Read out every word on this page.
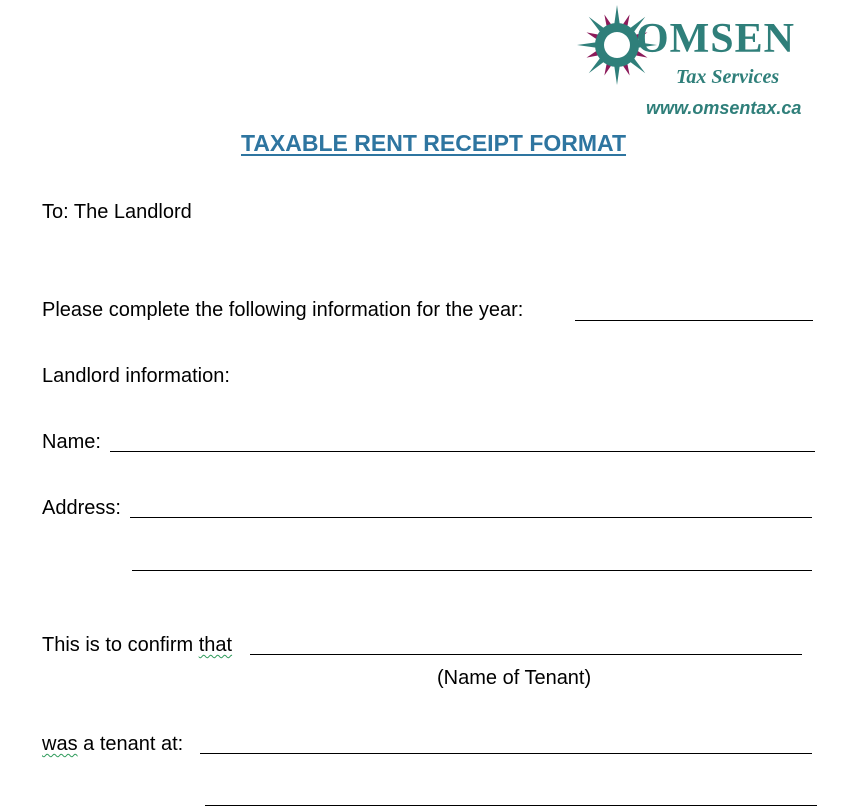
OMSEN
Tax Services
www.omsentax.ca
TAXABLE RENT RECEIPT FORMAT
To: The Landlord
Please complete the following information for the year:
Landlord information:
Name:
Address:
This is to confirm that
(Name of Tenant)
was a tenant at:
